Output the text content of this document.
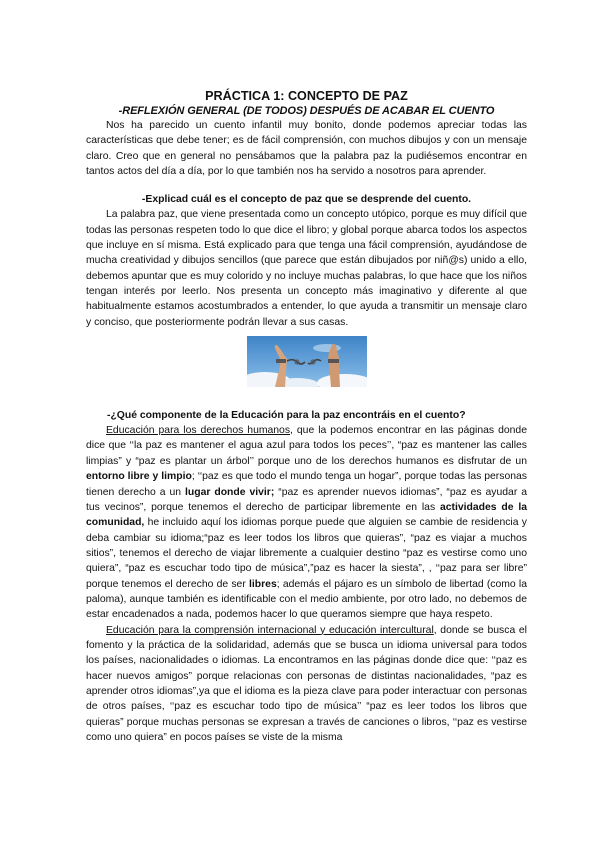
PRÁCTICA 1: CONCEPTO DE PAZ
-REFLEXIÓN GENERAL (DE TODOS) DESPUÉS DE ACABAR EL CUENTO

Nos ha parecido un cuento infantil muy bonito, donde podemos apreciar todas las características que debe tener; es de fácil comprensión, con muchos dibujos y con un mensaje claro. Creo que en general no pensábamos que la palabra paz la pudiésemos encontrar en tantos actos del día a día, por lo que también nos ha servido a nosotros para aprender.

-Explicad cuál es el concepto de paz que se desprende del cuento.

La palabra paz, que viene presentada como un concepto utópico, porque es muy difícil que todas las personas respeten todo lo que dice el libro; y global porque abarca todos los aspectos que incluye en sí misma. Está explicado para que tenga una fácil comprensión, ayudándose de mucha creatividad y dibujos sencillos (que parece que están dibujados por niñ@s) unido a ello, debemos apuntar que es muy colorido y no incluye muchas palabras, lo que hace que los niños tengan interés por leerlo. Nos presenta un concepto más imaginativo y diferente al que habitualmente estamos acostumbrados a entender, lo que ayuda a transmitir un mensaje claro y conciso, que posteriormente podrán llevar a sus casas.

-¿Qué componente de la Educación para la paz encontráis en el cuento?

Educación para los derechos humanos, que la podemos encontrar en las páginas donde dice que ‘‘la paz es mantener el agua azul para todos los peces’’, “paz es mantener las calles limpias” y “paz es plantar un árbol’’ porque uno de los derechos humanos es disfrutar de un entorno libre y limpio; ‘‘paz es que todo el mundo tenga un hogar”, porque todas las personas tienen derecho a un lugar donde vivir; “paz es aprender nuevos idiomas”, “paz es ayudar a tus vecinos”, porque tenemos el derecho de participar libremente en las actividades de la comunidad, he incluido aquí los idiomas porque puede que alguien se cambie de residencia y deba cambiar su idioma;“paz es leer todos los libros que quieras”, “paz es viajar a muchos sitios”, tenemos el derecho de viajar libremente a cualquier destino “paz es vestirse como uno quiera”, “paz es escuchar todo tipo de música”,”paz es hacer la siesta”, , ‘‘paz para ser libre” porque tenemos el derecho de ser libres; además el pájaro es un símbolo de libertad (como la paloma), aunque también es identificable con el medio ambiente, por otro lado, no debemos de estar encadenados a nada, podemos hacer lo que queramos siempre que haya respeto.

Educación para la comprensión internacional y educación intercultural, donde se busca el fomento y la práctica de la solidaridad, además que se busca un idioma universal para todos los países, nacionalidades o idiomas. La encontramos en las páginas donde dice que: ‘‘paz es hacer nuevos amigos” porque relacionas con personas de distintas nacionalidades, “paz es aprender otros idiomas”,ya que el idioma es la pieza clave para poder interactuar con personas de otros países, ‘‘paz es escuchar todo tipo de música’’ “paz es leer todos los libros que quieras” porque muchas personas se expresan a través de canciones o libros, ‘‘paz es vestirse como uno quiera” en pocos países se viste de la misma
